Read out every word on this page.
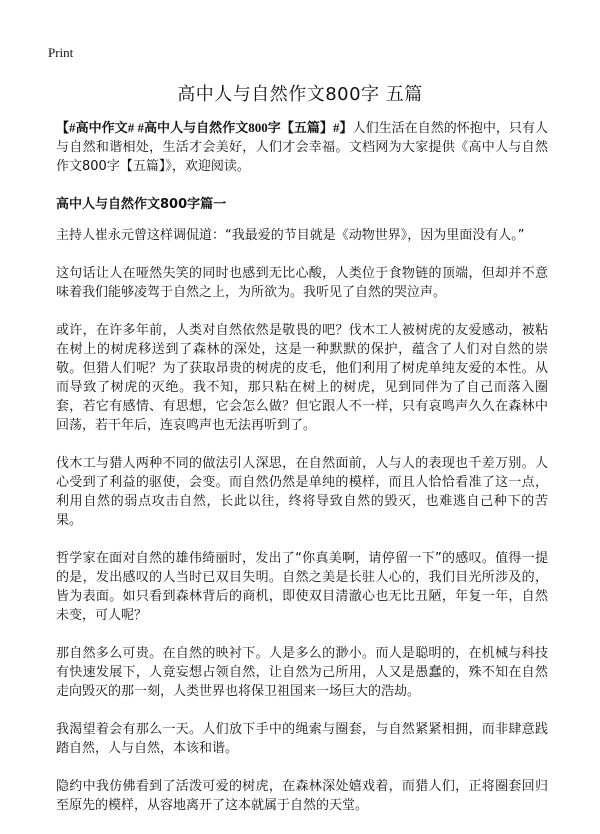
Print
高中人与自然作文800字 五篇

【#高中作文# #高中人与自然作文800字【五篇】#】人们生活在自然的怀抱中，只有人与自然和谐相处，生活才会美好，人们才会幸福。文档网为大家提供《高中人与自然作文800字【五篇】》，欢迎阅读。

高中人与自然作文800字篇一

主持人崔永元曾这样调侃道：“我最爱的节目就是《动物世界》，因为里面没有人。”

这句话让人在哑然失笑的同时也感到无比心酸，人类位于食物链的顶端，但却并不意味着我们能够凌驾于自然之上，为所欲为。我听见了自然的哭泣声。

或许，在许多年前，人类对自然依然是敬畏的吧？伐木工人被树虎的友爱感动，被粘在树上的树虎移送到了森林的深处，这是一种默默的保护，蕴含了人们对自然的崇敬。但猎人们呢？为了获取昂贵的树虎的皮毛，他们利用了树虎单纯友爱的本性。从而导致了树虎的灭绝。我不知，那只粘在树上的树虎，见到同伴为了自己而落入圈套，若它有感情、有思想，它会怎么做？但它跟人不一样，只有哀鸣声久久在森林中回荡，若干年后，连哀鸣声也无法再听到了。

伐木工与猎人两种不同的做法引人深思，在自然面前，人与人的表现也千差万别。人心受到了利益的驱使，会变。而自然仍然是单纯的模样，而且人恰恰看准了这一点，利用自然的弱点攻击自然，长此以往，终将导致自然的毁灭，也难逃自己种下的苦果。

哲学家在面对自然的雄伟绮丽时，发出了“你真美啊，请停留一下”的感叹。值得一提的是，发出感叹的人当时已双目失明。自然之美是长驻人心的，我们目光所涉及的，皆为表面。如只看到森林背后的商机，即使双目清澈心也无比丑陋，年复一年，自然未变，可人呢？

那自然多么可贵。在自然的映衬下。人是多么的渺小。而人是聪明的，在机械与科技有快速发展下，人竟妄想占领自然，让自然为己所用，人又是愚蠢的，殊不知在自然走向毁灭的那一刻，人类世界也将保卫祖国来一场巨大的浩劫。

我渴望着会有那么一天。人们放下手中的绳索与圈套，与自然紧紧相拥，而非肆意践踏自然，人与自然，本该和谐。

隐约中我仿佛看到了活泼可爱的树虎，在森林深处嬉戏着，而猎人们，正将圈套回归至原先的模样，从容地离开了这本就属于自然的天堂。
